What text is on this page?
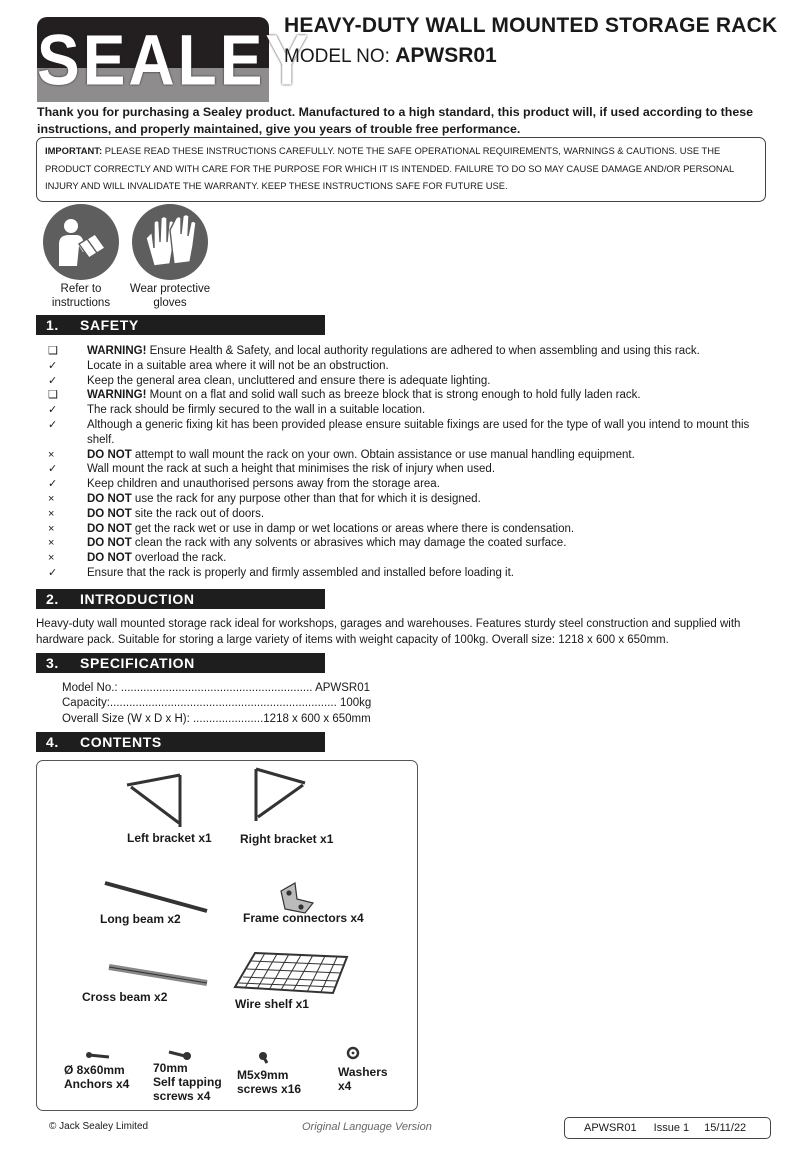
SEALEY
HEAVY-DUTY WALL MOUNTED STORAGE RACK
MODEL NO: APWSR01
Thank you for purchasing a Sealey product. Manufactured to a high standard, this product will, if used according to these instructions, and properly maintained, give you years of trouble free performance.
IMPORTANT: PLEASE READ THESE INSTRUCTIONS CAREFULLY. NOTE THE SAFE OPERATIONAL REQUIREMENTS, WARNINGS & CAUTIONS. USE THE PRODUCT CORRECTLY AND WITH CARE FOR THE PURPOSE FOR WHICH IT IS INTENDED. FAILURE TO DO SO MAY CAUSE DAMAGE AND/OR PERSONAL INJURY AND WILL INVALIDATE THE WARRANTY. KEEP THESE INSTRUCTIONS SAFE FOR FUTURE USE.
Refer to
instructions
Wear protective
gloves
1. SAFETY
❑	WARNING! Ensure Health & Safety, and local authority regulations are adhered to when assembling and using this rack.
✓	Locate in a suitable area where it will not be an obstruction.
✓	Keep the general area clean, uncluttered and ensure there is adequate lighting.
❑	WARNING! Mount on a flat and solid wall such as breeze block that is strong enough to hold fully laden rack.
✓	The rack should be firmly secured to the wall in a suitable location.
✓	Although a generic fixing kit has been provided please ensure suitable fixings are used for the type of wall you intend to mount this shelf.
×	DO NOT attempt to wall mount the rack on your own. Obtain assistance or use manual handling equipment.
✓	Wall mount the rack at such a height that minimises the risk of injury when used.
✓	Keep children and unauthorised persons away from the storage area.
×	DO NOT use the rack for any purpose other than that for which it is designed.
×	DO NOT site the rack out of doors.
×	DO NOT get the rack wet or use in damp or wet locations or areas where there is condensation.
×	DO NOT clean the rack with any solvents or abrasives which may damage the coated surface.
×	DO NOT overload the rack.
✓	Ensure that the rack is properly and firmly assembled and installed before loading it.
2. INTRODUCTION
Heavy-duty wall mounted storage rack ideal for workshops, garages and warehouses. Features sturdy steel construction and supplied with hardware pack. Suitable for storing a large variety of items with weight capacity of 100kg. Overall size: 1218 x 600 x 650mm.
3. SPECIFICATION
Model No.: ............................................................ APWSR01
Capacity:....................................................................... 100kg
Overall Size (W x D x H): ......................1218 x 600 x 650mm
4. CONTENTS
Left bracket x1 Right bracket x1
Long beam x2	Frame connectors x4
Cross beam x2	Wire shelf x1
Ø 8x60mm
Anchors x4
70mm
Self tapping
screws x4
M5x9mm
screws x16
Washers
x4
© Jack Sealey Limited	Original Language Version	APWSR01 Issue 1 15/11/22
